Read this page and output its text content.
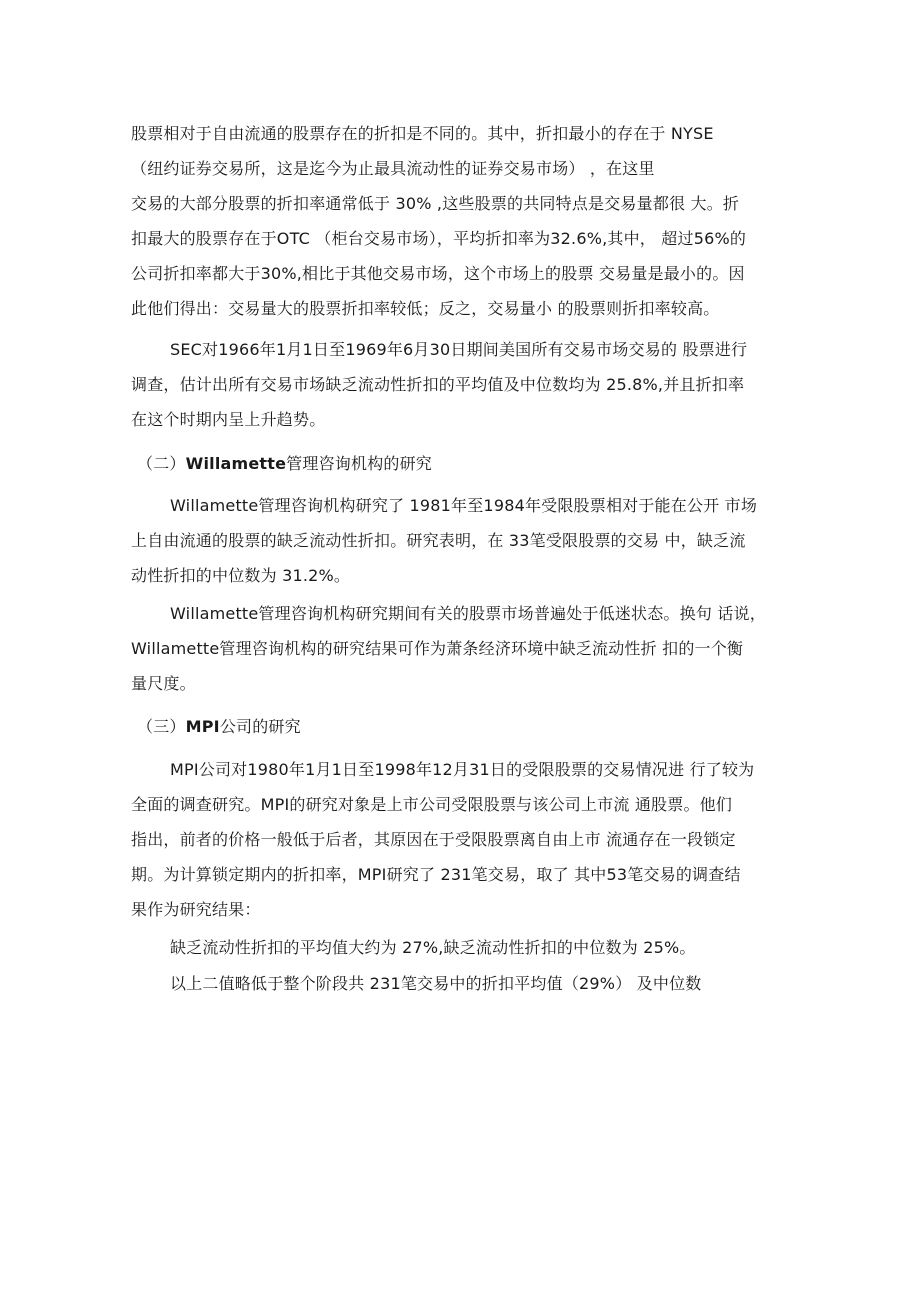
股票相对于自由流通的股票存在的折扣是不同的。其中，折扣最小的存在于 NYSE
（纽约证券交易所，这是迄今为止最具流动性的证券交易市场） ，在这里
交易的大部分股票的折扣率通常低于 30% ,这些股票的共同特点是交易量都很 大。折
扣最大的股票存在于OTC （柜台交易市场），平均折扣率为32.6%,其中， 超过56%的
公司折扣率都大于30%,相比于其他交易市场，这个市场上的股票 交易量是最小的。因
此他们得出：交易量大的股票折扣率较低；反之，交易量小 的股票则折扣率较高。
SEC对1966年1月1日至1969年6月30日期间美国所有交易市场交易的 股票进行
调查，估计出所有交易市场缺乏流动性折扣的平均值及中位数均为 25.8%,并且折扣率
在这个时期内呈上升趋势。
（二）Willamette管理咨询机构的研究
Willamette管理咨询机构研究了 1981年至1984年受限股票相对于能在公开 市场
上自由流通的股票的缺乏流动性折扣。研究表明，在 33笔受限股票的交易 中，缺乏流
动性折扣的中位数为 31.2%。
Willamette管理咨询机构研究期间有关的股票市场普遍处于低迷状态。换句 话说，
Willamette管理咨询机构的研究结果可作为萧条经济环境中缺乏流动性折 扣的一个衡
量尺度。
（三）MPI公司的研究
MPI公司对1980年1月1日至1998年12月31日的受限股票的交易情况进 行了较为
全面的调查研究。MPI的研究对象是上市公司受限股票与该公司上市流 通股票。他们
指出，前者的价格一般低于后者，其原因在于受限股票离自由上市 流通存在一段锁定
期。为计算锁定期内的折扣率，MPI研究了 231笔交易，取了 其中53笔交易的调查结
果作为研究结果：
缺乏流动性折扣的平均值大约为 27%,缺乏流动性折扣的中位数为 25%。
以上二值略低于整个阶段共 231笔交易中的折扣平均值（29%） 及中位数
